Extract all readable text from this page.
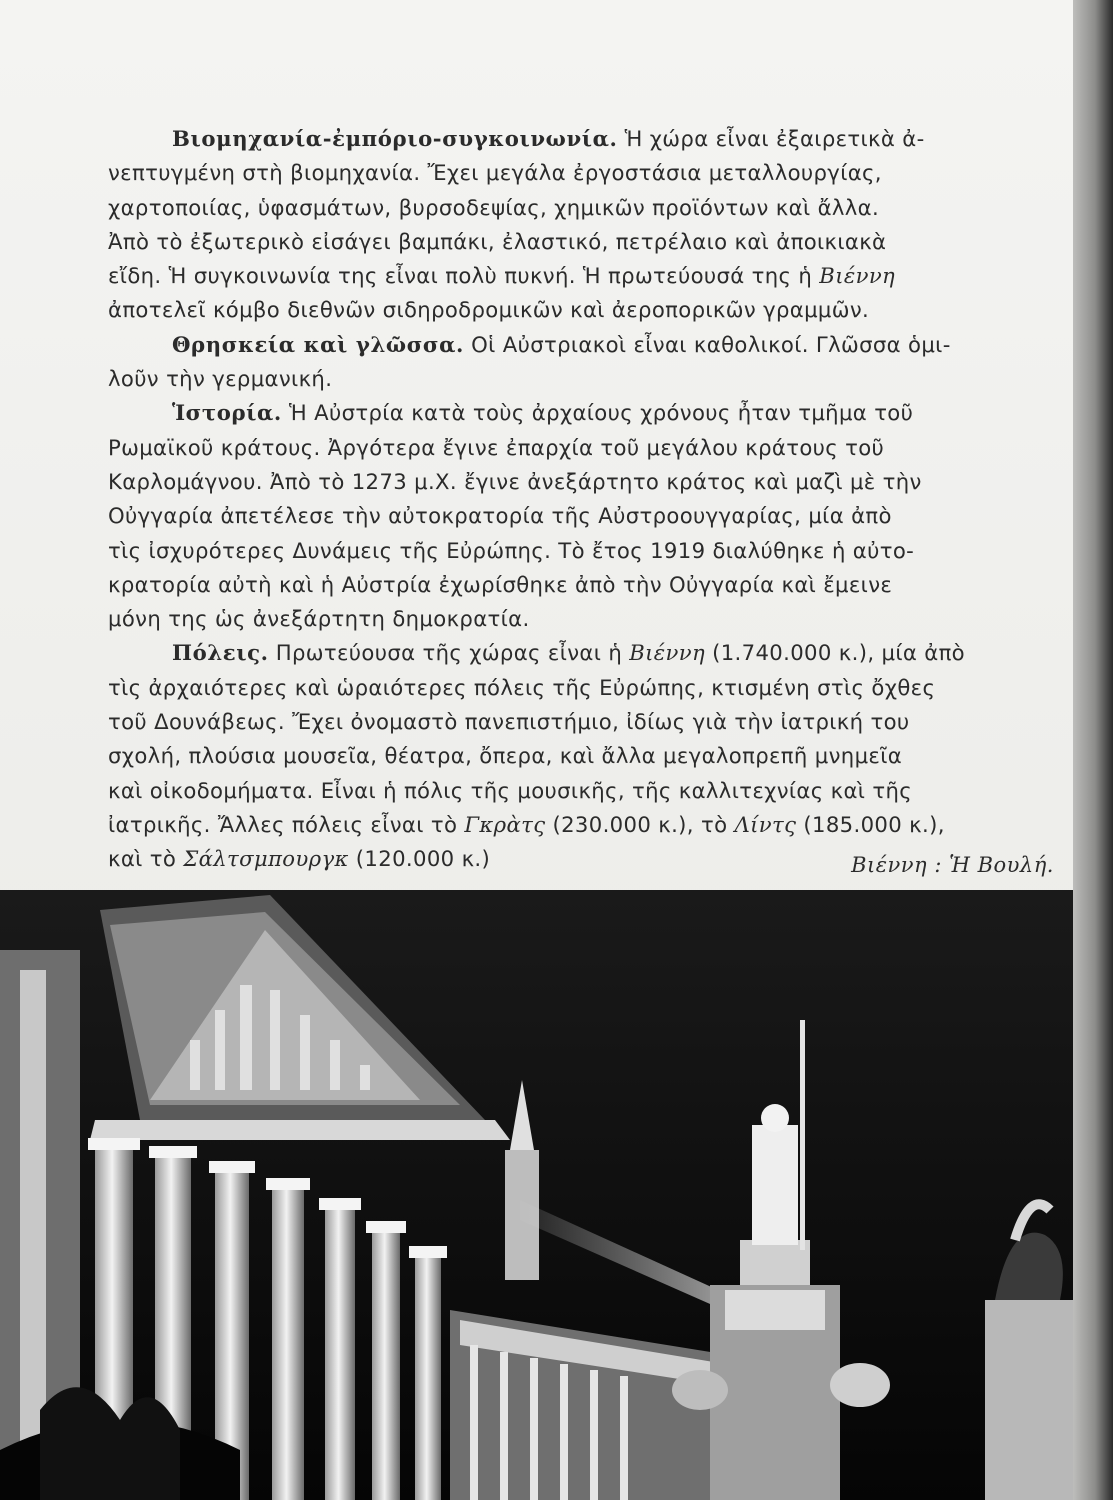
Βιομηχανία-ἐμπόριο-συγκοινωνία. Ἡ χώρα εἶναι ἐξαιρετικὰ ἀ-
νεπτυγμένη στὴ βιομηχανία. Ἔχει μεγάλα ἐργοστάσια μεταλλουργίας,
χαρτοποιίας, ὑφασμάτων, βυρσοδεψίας, χημικῶν προϊόντων καὶ ἄλλα.
Ἀπὸ τὸ ἐξωτερικὸ εἰσάγει βαμπάκι, ἐλαστικό, πετρέλαιο καὶ ἀποικιακὰ
εἴδη. Ἡ συγκοινωνία της εἶναι πολὺ πυκνή. Ἡ πρωτεύουσά της ἡ Βιέννη
ἀποτελεῖ κόμβο διεθνῶν σιδηροδρομικῶν καὶ ἀεροπορικῶν γραμμῶν.
Θρησκεία καὶ γλῶσσα. Οἱ Αὐστριακοὶ εἶναι καθολικοί. Γλῶσσα ὁμι-
λοῦν τὴν γερμανική.
Ἱστορία. Ἡ Αὐστρία κατὰ τοὺς ἀρχαίους χρόνους ἦταν τμῆμα τοῦ
Ρωμαϊκοῦ κράτους. Ἀργότερα ἔγινε ἐπαρχία τοῦ μεγάλου κράτους τοῦ
Καρλομάγνου. Ἀπὸ τὸ 1273 μ.Χ. ἔγινε ἀνεξάρτητο κράτος καὶ μαζὶ μὲ τὴν
Οὐγγαρία ἀπετέλεσε τὴν αὐτοκρατορία τῆς Αὐστροουγγαρίας, μία ἀπὸ
τὶς ἰσχυρότερες Δυνάμεις τῆς Εὐρώπης. Τὸ ἔτος 1919 διαλύθηκε ἡ αὐτο-
κρατορία αὐτὴ καὶ ἡ Αὐστρία ἐχωρίσθηκε ἀπὸ τὴν Οὐγγαρία καὶ ἔμεινε
μόνη της ὡς ἀνεξάρτητη δημοκρατία.
Πόλεις. Πρωτεύουσα τῆς χώρας εἶναι ἡ Βιέννη (1.740.000 κ.), μία ἀπὸ
τὶς ἀρχαιότερες καὶ ὡραιότερες πόλεις τῆς Εὐρώπης, κτισμένη στὶς ὄχθες
τοῦ Δουνάβεως. Ἔχει ὀνομαστὸ πανεπιστήμιο, ἰδίως γιὰ τὴν ἰατρική του
σχολή, πλούσια μουσεῖα, θέατρα, ὄπερα, καὶ ἄλλα μεγαλοπρεπῆ μνημεῖα
καὶ οἰκοδομήματα. Εἶναι ἡ πόλις τῆς μουσικῆς, τῆς καλλιτεχνίας καὶ τῆς
ἰατρικῆς. Ἄλλες πόλεις εἶναι τὸ Γκρὰτς (230.000 κ.), τὸ Λίντς (185.000 κ.),
καὶ τὸ Σάλτσμπουργκ (120.000 κ.)	Βιέννη : Ἡ Βουλή.
